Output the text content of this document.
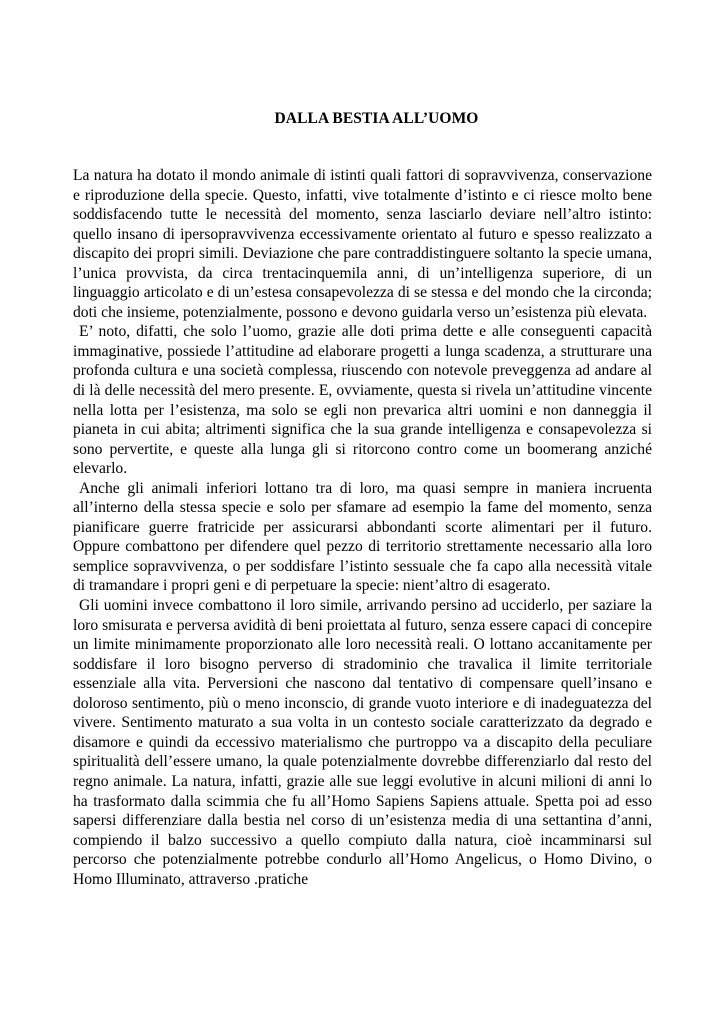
DALLA BESTIA ALL’UOMO

La natura ha dotato il mondo animale di istinti quali fattori di sopravvivenza, conservazione e riproduzione della specie. Questo, infatti, vive totalmente d’istinto e ci riesce molto bene soddisfacendo tutte le necessità del momento, senza lasciarlo deviare nell’altro istinto: quello insano di ipersopravvivenza eccessivamente orientato al futuro e spesso realizzato a discapito dei propri simili. Deviazione che pare contraddistinguere soltanto la specie umana, l’unica provvista, da circa trentacinquemila anni, di un’intelligenza superiore, di un linguaggio articolato e di un’estesa consapevolezza di se stessa e del mondo che la circonda; doti che insieme, potenzialmente, possono e devono guidarla verso un’esistenza più elevata.

E’ noto, difatti, che solo l’uomo, grazie alle doti prima dette e alle conseguenti capacità immaginative, possiede l’attitudine ad elaborare progetti a lunga scadenza, a strutturare una profonda cultura e una società complessa, riuscendo con notevole preveggenza ad andare al di là delle necessità del mero presente. E, ovviamente, questa si rivela un’attitudine vincente nella lotta per l’esistenza, ma solo se egli non prevarica altri uomini e non danneggia il pianeta in cui abita; altrimenti significa che la sua grande intelligenza e consapevolezza si sono pervertite, e queste alla lunga gli si ritorcono contro come un boomerang anziché elevarlo.

Anche gli animali inferiori lottano tra di loro, ma quasi sempre in maniera incruenta all’interno della stessa specie e solo per sfamare ad esempio la fame del momento, senza pianificare guerre fratricide per assicurarsi abbondanti scorte alimentari per il futuro. Oppure combattono per difendere quel pezzo di territorio strettamente necessario alla loro semplice sopravvivenza, o per soddisfare l’istinto sessuale che fa capo alla necessità vitale di tramandare i propri geni e di perpetuare la specie: nient’altro di esagerato.

Gli uomini invece combattono il loro simile, arrivando persino ad ucciderlo, per saziare la loro smisurata e perversa avidità di beni proiettata al futuro, senza essere capaci di concepire un limite minimamente proporzionato alle loro necessità reali. O lottano accanitamente per soddisfare il loro bisogno perverso di stradominio che travalica il limite territoriale essenziale alla vita. Perversioni che nascono dal tentativo di compensare quell’insano e doloroso sentimento, più o meno inconscio, di grande vuoto interiore e di inadeguatezza del vivere. Sentimento maturato a sua volta in un contesto sociale caratterizzato da degrado e disamore e quindi da eccessivo materialismo che purtroppo va a discapito della peculiare spiritualità dell’essere umano, la quale potenzialmente dovrebbe differenziarlo dal resto del regno animale. La natura, infatti, grazie alle sue leggi evolutive in alcuni milioni di anni lo ha trasformato dalla scimmia che fu all’Homo Sapiens Sapiens attuale. Spetta poi ad esso sapersi differenziare dalla bestia nel corso di un’esistenza media di una settantina d’anni, compiendo il balzo successivo a quello compiuto dalla natura, cioè incamminarsi sul percorso che potenzialmente potrebbe condurlo all’Homo Angelicus, o Homo Divino, o Homo Illuminato, attraverso .pratiche
